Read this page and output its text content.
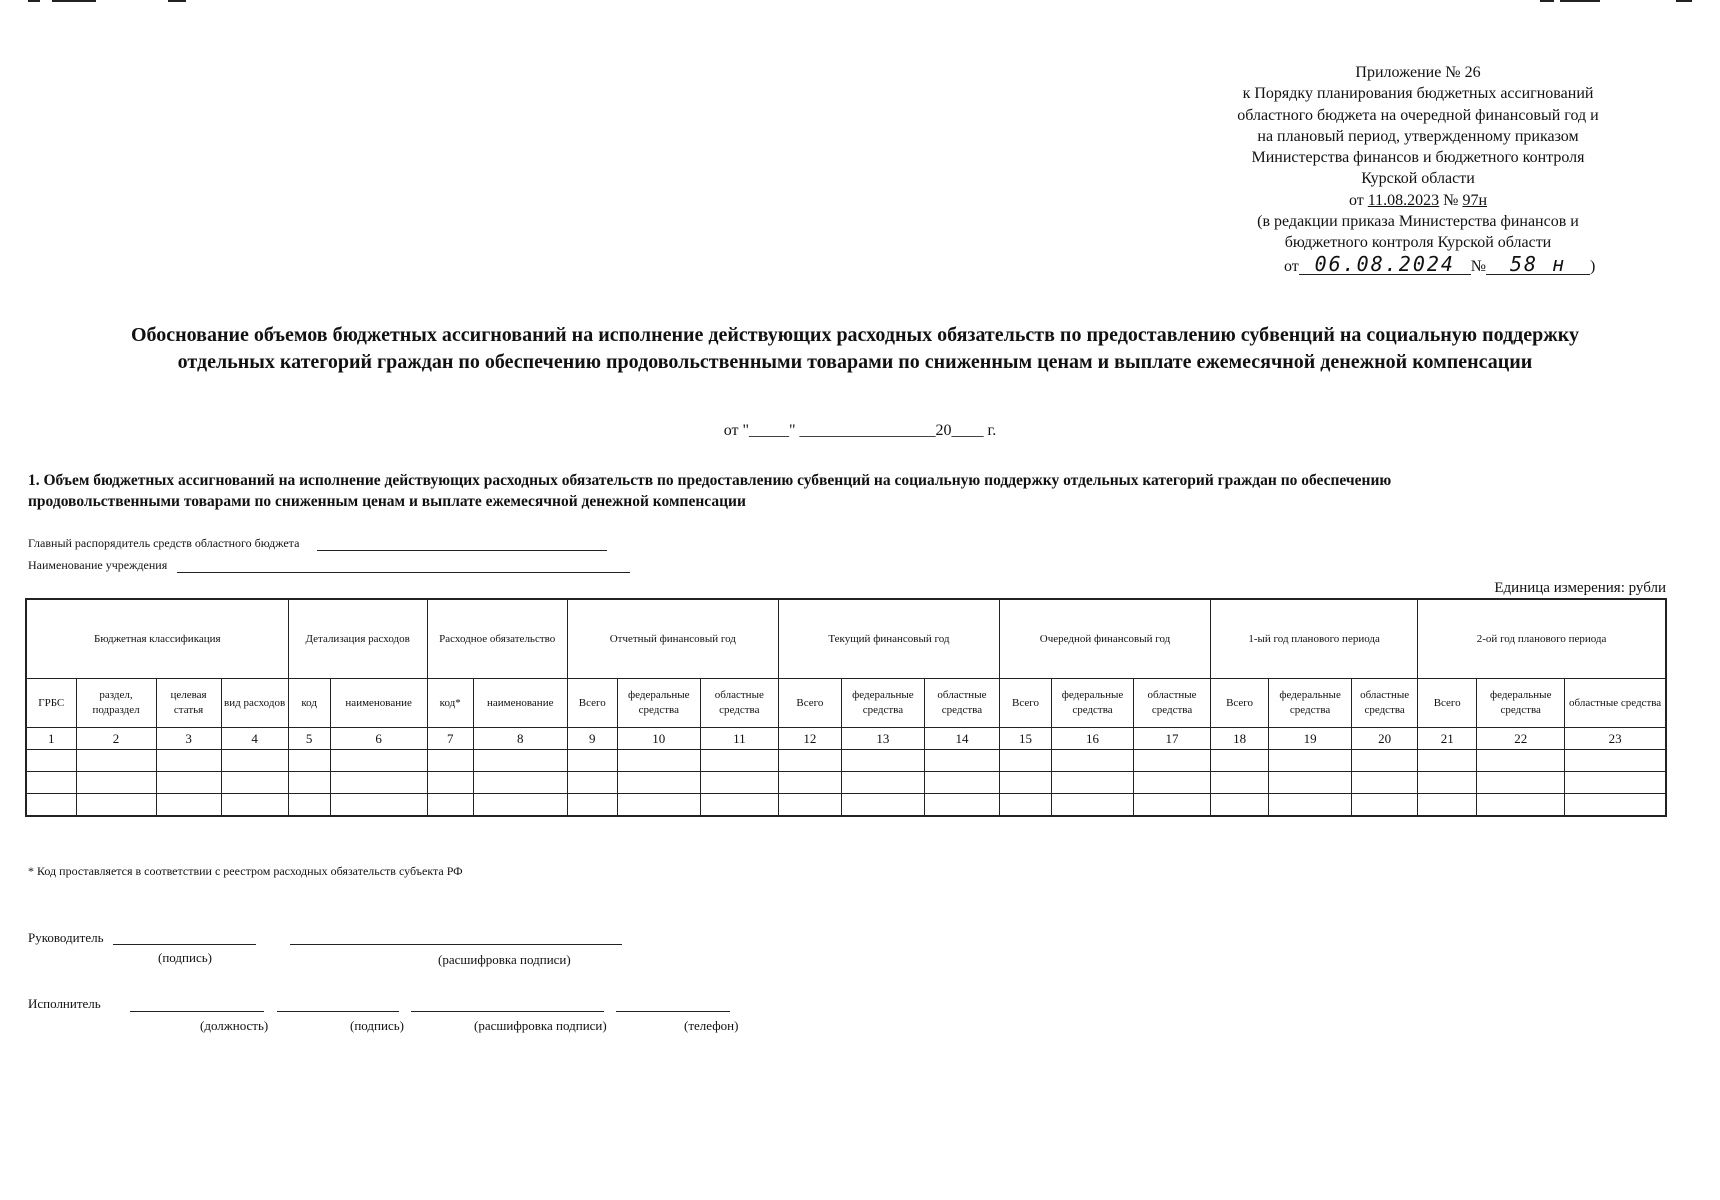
Приложение № 26
к Порядку планирования бюджетных ассигнований
областного бюджета на очередной финансовый год и
на плановый период, утвержденному приказом
Министерства финансов и бюджетного контроля
Курской области
от 11.08.2023 № 97н
(в редакции приказа Министерства финансов и
бюджетного контроля Курской области
от 06.08.2024 № 58 н )
Обоснование объемов бюджетных ассигнований на исполнение действующих расходных обязательств по предоставлению субвенций на социальную поддержку
отдельных категорий граждан по обеспечению продовольственными товарами по сниженным ценам и выплате ежемесячной денежной компенсации
от "_____" _________________20____ г.
1. Объем бюджетных ассигнований на исполнение действующих расходных обязательств по предоставлению субвенций на социальную поддержку отдельных категорий граждан по обеспечению
продовольственными товарами по сниженным ценам и выплате ежемесячной денежной компенсации
Главный распорядитель средств областного бюджета
Наименование учреждения
Единица измерения: рубли
Бюджетная классификация				Детализация расходов		Расходное обязательство		Отчетный финансовый год			Текущий финансовый год			Очередной финансовый год			1-ый год планового периода			2-ой год планового периода		
ГРБС	раздел, подраздел	целевая статья	вид расходов	код	наименование	код*	наименование	Всего	федеральные средства	областные средства	Всего	федеральные средства	областные средства	Всего	федеральные средства	областные средства	Всего	федеральные средства	областные средства	Всего	федеральные средства	областные средства
1	2	3	4	5	6	7	8	9	10	11	12	13	14	15	16	17	18	19	20	21	22	23

* Код проставляется в соответствии с реестром расходных обязательств субъекта РФ
Руководитель
(подпись)	(расшифровка подписи)
Исполнитель
(должность)	(подпись)	(расшифровка подписи)	(телефон)
